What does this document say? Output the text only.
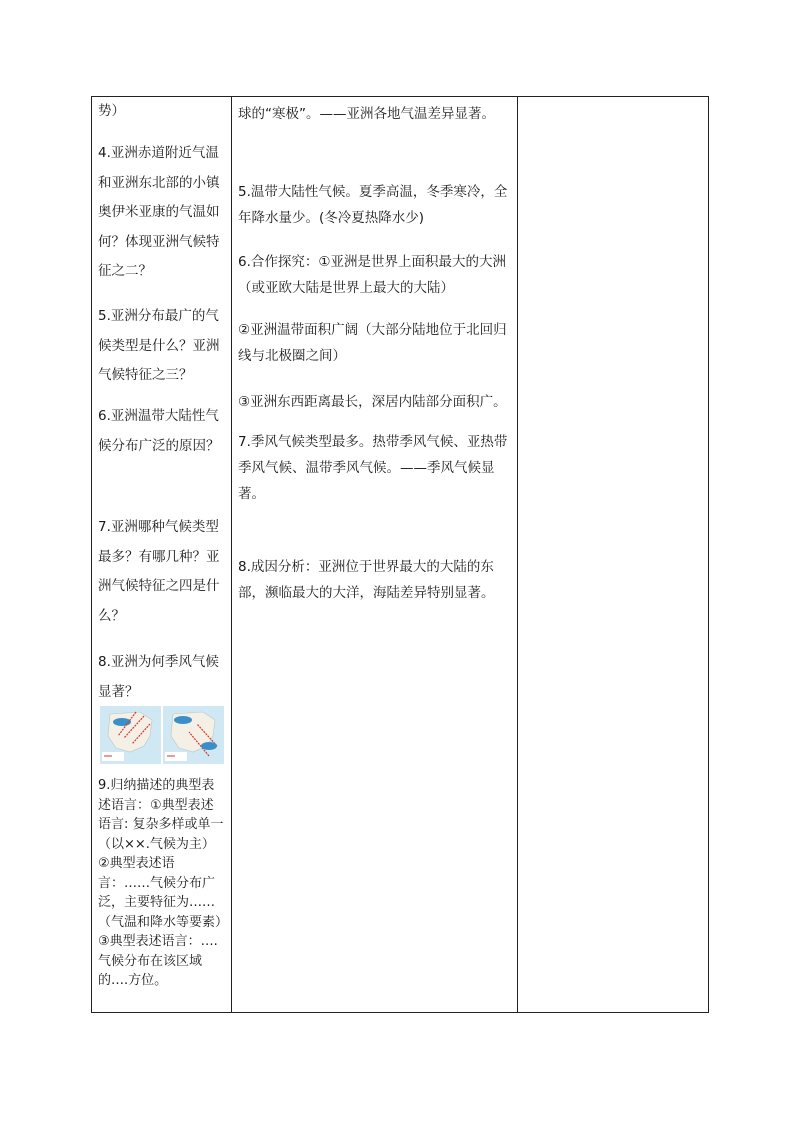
势）

4.亚洲赤道附近气温和亚洲东北部的小镇奥伊米亚康的气温如何？体现亚洲气候特征之二？

5.亚洲分布最广的气候类型是什么？亚洲气候特征之三？

6.亚洲温带大陆性气候分布广泛的原因？

7.亚洲哪种气候类型最多？有哪几种？亚洲气候特征之四是什么？

8.亚洲为何季风气候显著？

9.归纳描述的典型表述语言：①典型表述语言: 复杂多样或单一（以××.气候为主）②典型表述语言：……气候分布广泛，主要特征为……（气温和降水等要素）③典型表述语言：….气候分布在该区域的….方位。

球的“寒极”。——亚洲各地气温差异显著。

5.温带大陆性气候。夏季高温，冬季寒冷，全年降水量少。(冬冷夏热降水少)

6.合作探究：①亚洲是世界上面积最大的大洲（或亚欧大陆是世界上最大的大陆）

②亚洲温带面积广阔（大部分陆地位于北回归线与北极圈之间）

③亚洲东西距离最长，深居内陆部分面积广。

7.季风气候类型最多。热带季风气候、亚热带季风气候、温带季风气候。——季风气候显著。

8.成因分析：亚洲位于世界最大的大陆的东部，濒临最大的大洋，海陆差异特别显著。
